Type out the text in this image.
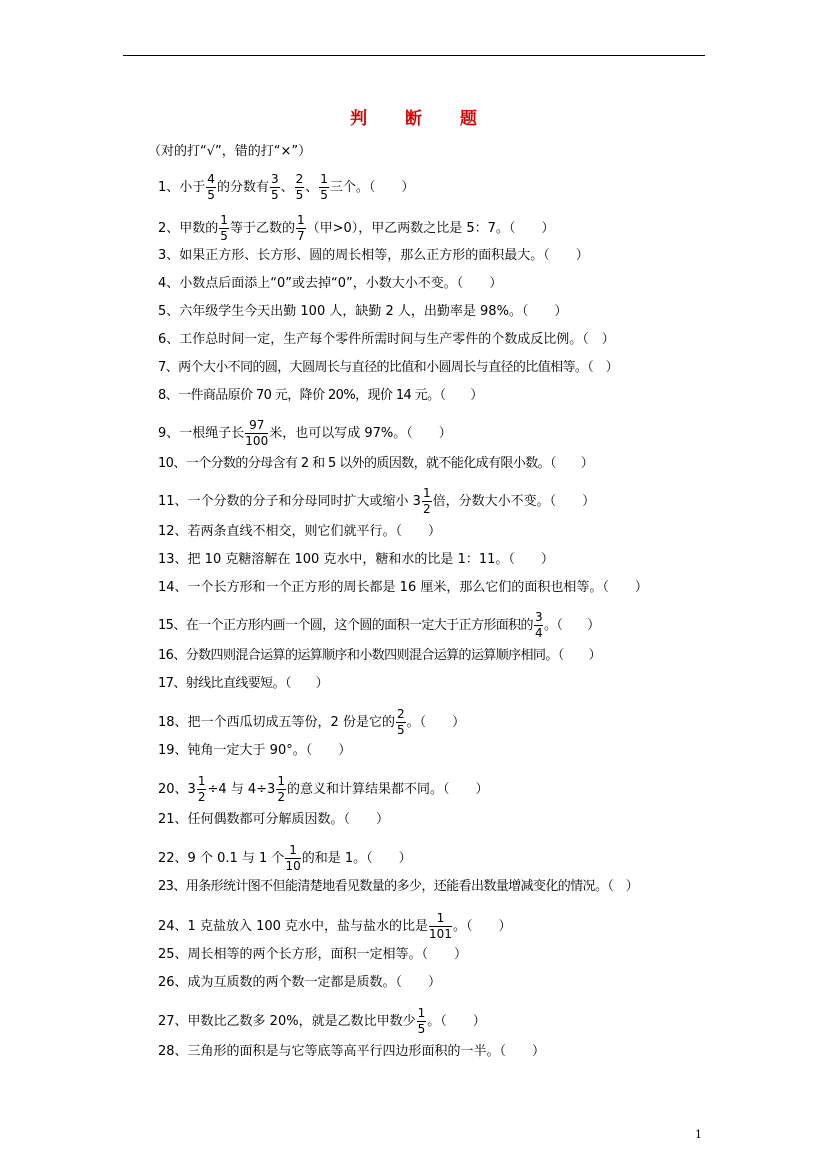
判 断 题
（对的打“√”，错的打“×”）
1、小于 $\frac{4}{5}$ 的分数有 $\frac{3}{5}$ 、 $\frac{2}{5}$ 、 $\frac{1}{5}$ 三个。（　　）
2、甲数的 $\frac{1}{5}$ 等于乙数的 $\frac{1}{7}$ （甲>0），甲乙两数之比是 5：7。（　　）
3、如果正方形、长方形、圆的周长相等，那么正方形的面积最大。（　　）
4、小数点后面添上“0”或去掉“0”，小数大小不变。（　　）
5、六年级学生今天出勤 100 人，缺勤 2 人，出勤率是 98%。（　　）
6、工作总时间一定，生产每个零件所需时间与生产零件的个数成反比例。（　）
7、两个大小不同的圆，大圆周长与直径的比值和小圆周长与直径的比值相等。（　）
8、一件商品原价 70 元，降价 20%，现价 14 元。（　　）
9、一根绳子长 $\frac{97}{100}$ 米，也可以写成 97%。（　　）
10、一个分数的分母含有 2 和 5 以外的质因数，就不能化成有限小数。（　　）
11、一个分数的分子和分母同时扩大或缩小 $3 \frac{1}{2}$ 倍，分数大小不变。（　　）
12、若两条直线不相交，则它们就平行。（　　）
13、把 10 克糖溶解在 100 克水中，糖和水的比是 1：11。（　　）
14、一个长方形和一个正方形的周长都是 16 厘米，那么它们的面积也相等。（　　）
15、在一个正方形内画一个圆，这个圆的面积一定大于正方形面积的 $\frac{3}{4}$ 。（　　）
16、分数四则混合运算的运算顺序和小数四则混合运算的运算顺序相同。（　　）
17、射线比直线要短。（　　）
18、把一个西瓜切成五等份，2 份是它的 $\frac{2}{5}$ 。（　　）
19、钝角一定大于 90°。（　　）
20、$3 \frac{1}{2} \div 4$ 与 $4\div 3 \frac{1}{2}$ 的意义和计算结果都不同。（　　）
21、任何偶数都可分解质因数。（　　）
22、9 个 0.1 与 1 个 $\frac{1}{10}$ 的和是 1。（　　）
23、用条形统计图不但能清楚地看见数量的多少，还能看出数量增减变化的情况。（　）
24、1 克盐放入 100 克水中，盐与盐水的比是 $\frac{1}{101}$ 。（　　）
25、周长相等的两个长方形，面积一定相等。（　　）
26、成为互质数的两个数一定都是质数。（　　）
27、甲数比乙数多 20%，就是乙数比甲数少 $\frac{1}{5}$ 。（　　）
28、三角形的面积是与它等底等高平行四边形面积的一半。（　　）
1
